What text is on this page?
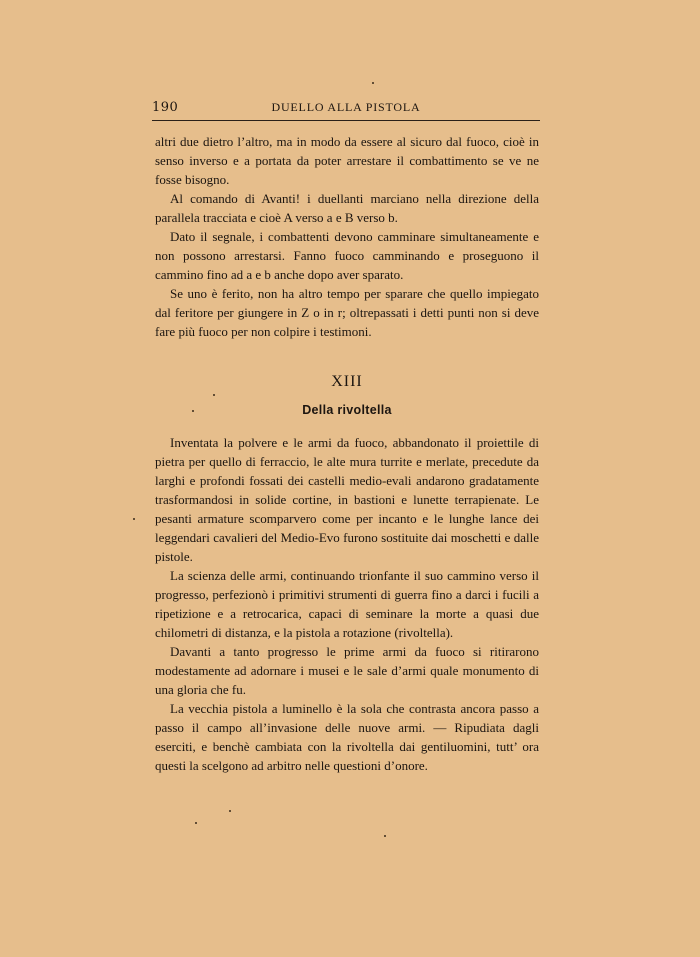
190	DUELLO ALLA PISTOLA

altri due dietro l’altro, ma in modo da essere al sicuro dal fuoco, cioè in senso inverso e a portata da poter arrestare il combattimento se ve ne fosse bisogno.

Al comando di Avanti! i duellanti marciano nella direzione della parallela tracciata e cioè A verso a e B verso b.

Dato il segnale, i combattenti devono camminare simultaneamente e non possono arrestarsi. Fanno fuoco camminando e proseguono il cammino fino ad a e b anche dopo aver sparato.

Se uno è ferito, non ha altro tempo per sparare che quello impiegato dal feritore per giungere in Z o in r; oltrepassati i detti punti non si deve fare più fuoco per non colpire i testimoni.

XIII
Della rivoltella

Inventata la polvere e le armi da fuoco, abbandonato il proiettile di pietra per quello di ferraccio, le alte mura turrite e merlate, precedute da larghi e profondi fossati dei castelli medio-evali andarono gradatamente trasformandosi in solide cortine, in bastioni e lunette terrapienate. Le pesanti armature scomparvero come per incanto e le lunghe lance dei leggendari cavalieri del Medio-Evo furono sostituite dai moschetti e dalle pistole.

La scienza delle armi, continuando trionfante il suo cammino verso il progresso, perfezionò i primitivi strumenti di guerra fino a darci i fucili a ripetizione e a retrocarica, capaci di seminare la morte a quasi due chilometri di distanza, e la pistola a rotazione (rivoltella).

Davanti a tanto progresso le prime armi da fuoco si ritirarono modestamente ad adornare i musei e le sale d’armi quale monumento di una gloria che fu.

La vecchia pistola a luminello è la sola che contrasta ancora passo a passo il campo all’invasione delle nuove armi. — Ripudiata dagli eserciti, e benchè cambiata con la rivoltella dai gentiluomini, tutt’ ora questi la scelgono ad arbitro nelle questioni d’onore.
